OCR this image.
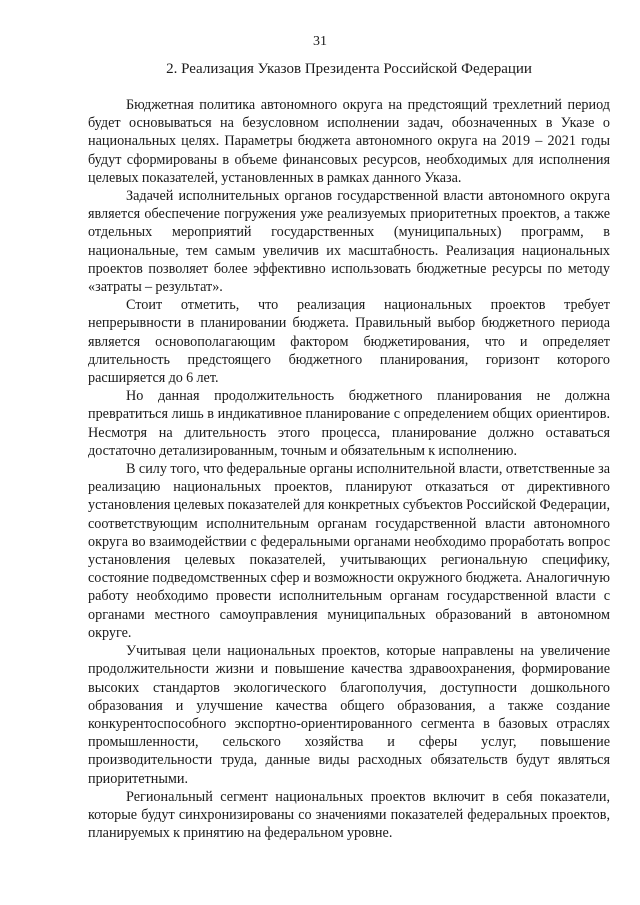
31
2. Реализация Указов Президента Российской Федерации

Бюджетная политика автономного округа на предстоящий трехлетний период будет основываться на безусловном исполнении задач, обозначенных в Указе о национальных целях. Параметры бюджета автономного округа на 2019 – 2021 годы будут сформированы в объеме финансовых ресурсов, необходимых для исполнения целевых показателей, установленных в рамках данного Указа.

Задачей исполнительных органов государственной власти автономного округа является обеспечение погружения уже реализуемых приоритетных проектов, а также отдельных мероприятий государственных (муниципальных) программ, в национальные, тем самым увеличив их масштабность. Реализация национальных проектов позволяет более эффективно использовать бюджетные ресурсы по методу «затраты – результат».

Стоит отметить, что реализация национальных проектов требует непрерывности в планировании бюджета. Правильный выбор бюджетного периода является основополагающим фактором бюджетирования, что и определяет длительность предстоящего бюджетного планирования, горизонт которого расширяется до 6 лет.

Но данная продолжительность бюджетного планирования не должна превратиться лишь в индикативное планирование с определением общих ориентиров. Несмотря на длительность этого процесса, планирование должно оставаться достаточно детализированным, точным и обязательным к исполнению.

В силу того, что федеральные органы исполнительной власти, ответственные за реализацию национальных проектов, планируют отказаться от директивного установления целевых показателей для конкретных субъектов Российской Федерации, соответствующим исполнительным органам государственной власти автономного округа во взаимодействии с федеральными органами необходимо проработать вопрос установления целевых показателей, учитывающих региональную специфику, состояние подведомственных сфер и возможности окружного бюджета. Аналогичную работу необходимо провести исполнительным органам государственной власти с органами местного самоуправления муниципальных образований в автономном округе.

Учитывая цели национальных проектов, которые направлены на увеличение продолжительности жизни и повышение качества здравоохранения, формирование высоких стандартов экологического благополучия, доступности дошкольного образования и улучшение качества общего образования, а также создание конкурентоспособного экспортно-ориентированного сегмента в базовых отраслях промышленности, сельского хозяйства и сферы услуг, повышение производительности труда, данные виды расходных обязательств будут являться приоритетными.

Региональный сегмент национальных проектов включит в себя показатели, которые будут синхронизированы со значениями показателей федеральных проектов, планируемых к принятию на федеральном уровне.
